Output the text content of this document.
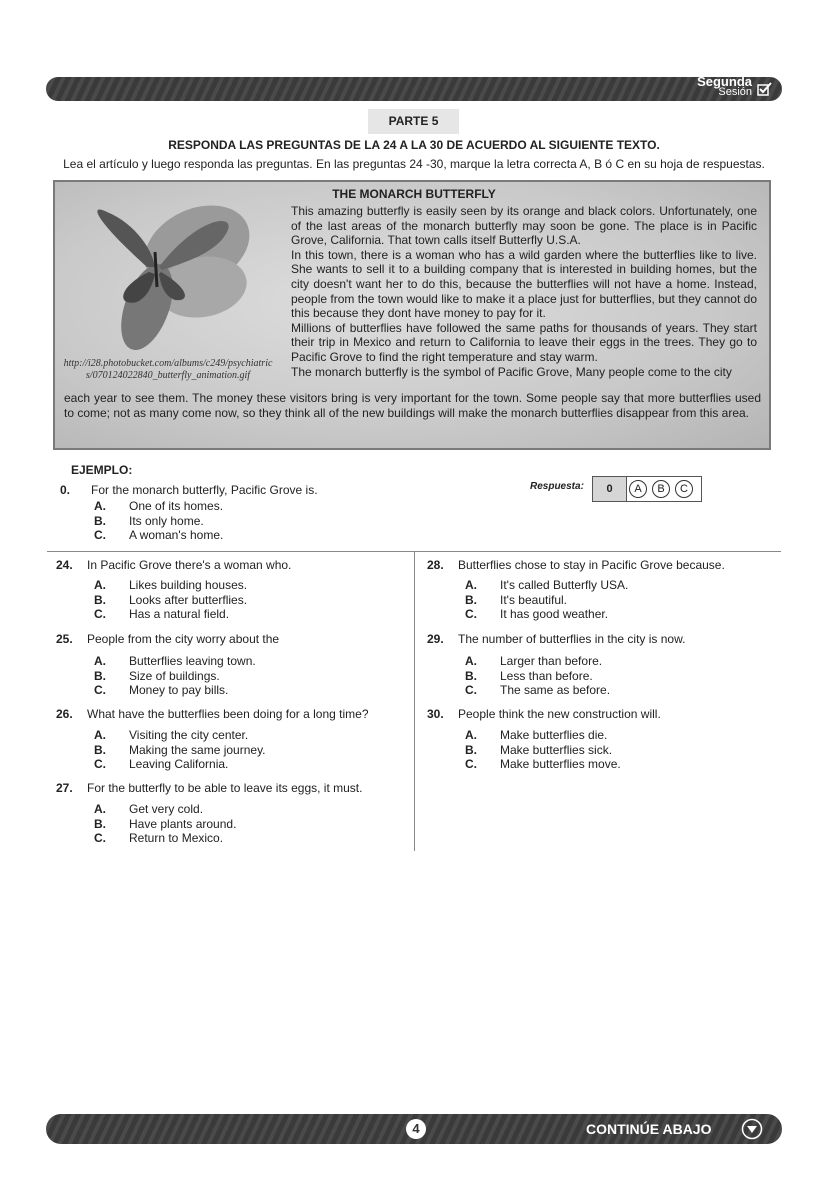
Segunda
Sesión
PARTE 5
RESPONDA LAS PREGUNTAS DE LA 24 A LA 30 DE ACUERDO AL SIGUIENTE TEXTO.
Lea el artículo y luego responda las preguntas. En las preguntas 24 -30, marque la letra correcta A, B ó C en su hoja de respuestas.
http://i28.photobucket.com/albums/c249/psychiatrics/070124022840_butterfly_animation.gif
THE MONARCH BUTTERFLY

This amazing butterfly is easily seen by its orange and black colors. Unfortunately, one of the last areas of the monarch butterfly may soon be gone. The place is in Pacific Grove, California. That town calls itself Butterfly U.S.A.

In this town, there is a woman who has a wild garden where the butterflies like to live. She wants to sell it to a building company that is interested in building homes, but the city doesn't want her to do this, because the butterflies will not have a home. Instead, people from the town would like to make it a place just for butterflies, but they cannot do this because they dont have money to pay for it.

Millions of butterflies have followed the same paths for thousands of years. They start their trip in Mexico and return to California to leave their eggs in the trees. They go to Pacific Grove to find the right temperature and stay warm.

The monarch butterfly is the symbol of Pacific Grove, Many people come to the city

each year to see them. The money these visitors bring is very important for the town. Some people say that more butterflies used to come; not as many come now, so they think all of the new buildings will make the monarch butterflies disappear from this area.
EJEMPLO:
0. For the monarch butterfly, Pacific Grove is.
A. One of its homes.
B. Its only home.
C. A woman's home.
Respuesta:	0	A	B	C
24. In Pacific Grove there's a woman who.
A. Likes building houses.
B. Looks after butterflies.
C. Has a natural field.
25. People from the city worry about the
A. Butterflies leaving town.
B. Size of buildings.
C. Money to pay bills.
26. What have the butterflies been doing for a long time?
A. Visiting the city center.
B. Making the same journey.
C. Leaving California.
27. For the butterfly to be able to leave its eggs, it must.
A. Get very cold.
B. Have plants around.
C. Return to Mexico.
28. Butterflies chose to stay in Pacific Grove because.
A. It's called Butterfly USA.
B. It's beautiful.
C. It has good weather.
29. The number of butterflies in the city is now.
A. Larger than before.
B. Less than before.
C. The same as before.
30. People think the new construction will.
A. Make butterflies die.
B. Make butterflies sick.
C. Make butterflies move.
4	CONTINÚE ABAJO
